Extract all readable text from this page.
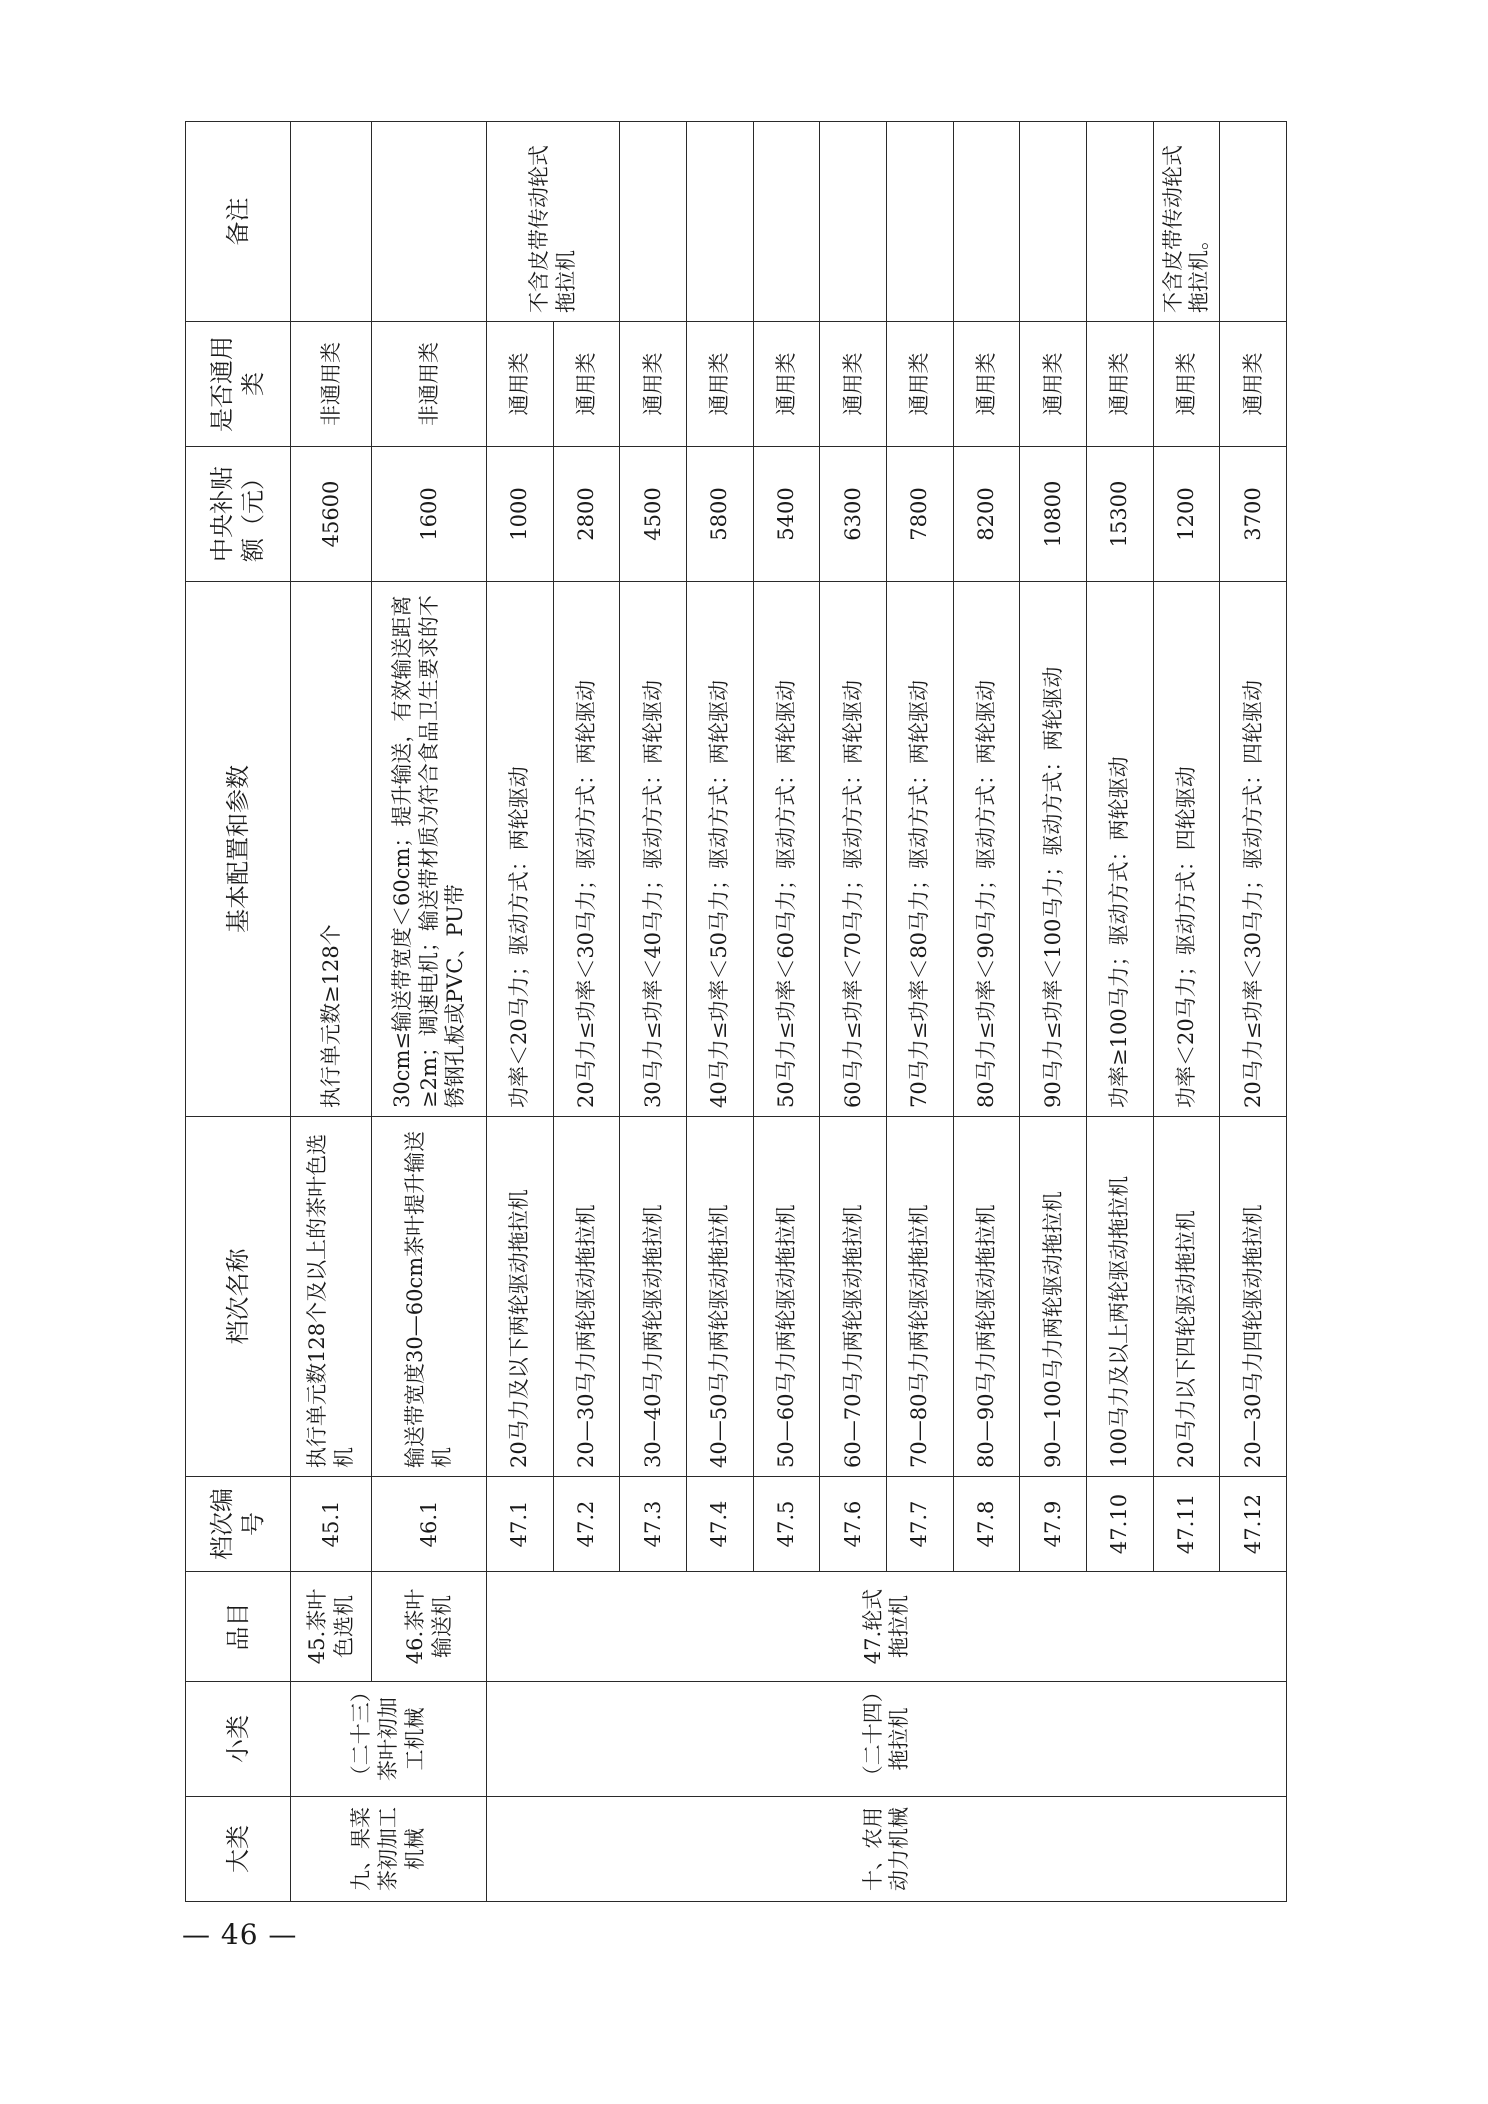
大类	小类	品目	档次编号	档次名称	基本配置和参数	中央补贴额（元）	是否通用类	备注
九、果菜茶初加工机械	（二十三）茶叶初加工机械	45.茶叶色选机	45.1	执行单元数128个及以上的茶叶色选机	执行单元数≥128个	45600	非通用类	
		46.茶叶输送机	46.1	输送带宽度30—60cm茶叶提升输送机	30cm≤输送带宽度＜60cm；提升输送，有效输送距离≥2m；调速电机；输送带材质为符合食品卫生要求的不锈钢孔板或PVC、PU带	1600	非通用类	
十、农用动力机械	（二十四）拖拉机	47.轮式拖拉机	47.1	20马力及以下两轮驱动拖拉机	功率＜20马力；驱动方式：两轮驱动	1000	通用类	不含皮带传动轮式拖拉机
			47.2	20—30马力两轮驱动拖拉机	20马力≤功率＜30马力；驱动方式：两轮驱动	2800	通用类	
			47.3	30—40马力两轮驱动拖拉机	30马力≤功率＜40马力；驱动方式：两轮驱动	4500	通用类	
			47.4	40—50马力两轮驱动拖拉机	40马力≤功率＜50马力；驱动方式：两轮驱动	5800	通用类	
			47.5	50—60马力两轮驱动拖拉机	50马力≤功率＜60马力；驱动方式：两轮驱动	5400	通用类	
			47.6	60—70马力两轮驱动拖拉机	60马力≤功率＜70马力；驱动方式：两轮驱动	6300	通用类	
			47.7	70—80马力两轮驱动拖拉机	70马力≤功率＜80马力；驱动方式：两轮驱动	7800	通用类	
			47.8	80—90马力两轮驱动拖拉机	80马力≤功率＜90马力；驱动方式：两轮驱动	8200	通用类	
			47.9	90—100马力两轮驱动拖拉机	90马力≤功率＜100马力；驱动方式：两轮驱动	10800	通用类	
			47.10	100马力及以上两轮驱动拖拉机	功率≥100马力；驱动方式：两轮驱动	15300	通用类	
			47.11	20马力以下四轮驱动拖拉机	功率＜20马力；驱动方式：四轮驱动	1200	通用类	不含皮带传动轮式拖拉机。
			47.12	20—30马力四轮驱动拖拉机	20马力≤功率＜30马力；驱动方式：四轮驱动	3700	通用类	
— 46 —
